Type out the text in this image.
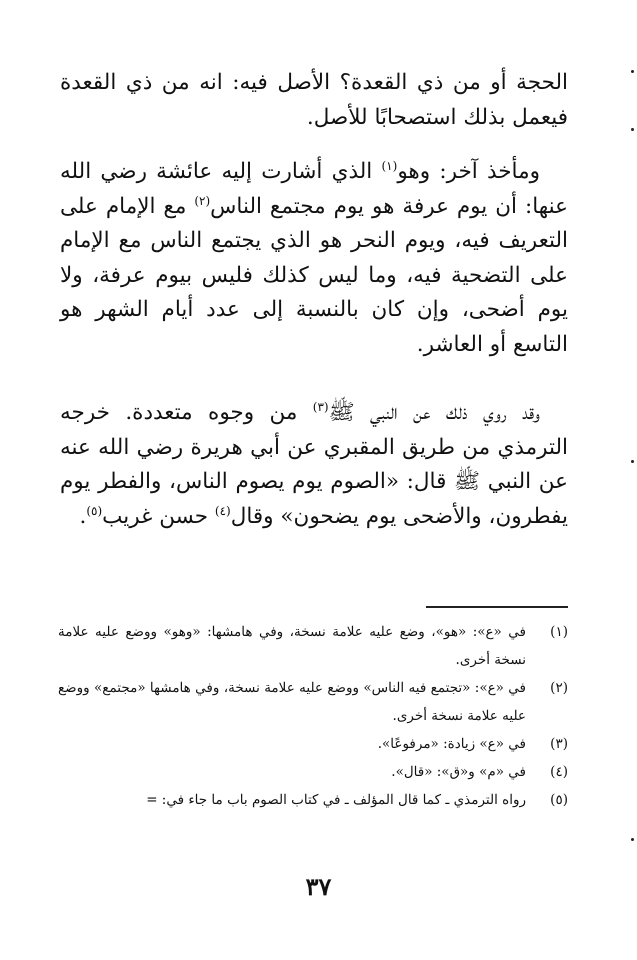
الحجة أو من ذي القعدة؟ الأصل فيه: انه من ذي القعدة فيعمل بذلك استصحابًا للأصل.
ومأخذ آخر: وهو$^{(١)}$ الذي أشارت إليه عائشة رضي الله عنها: أن يوم عرفة هو يوم مجتمع الناس$^{(٢)}$ مع الإمام على التعريف فيه، ويوم النحر هو الذي يجتمع الناس مع الإمام على التضحية فيه، وما ليس كذلك فليس بيوم عرفة، ولا يوم أضحى، وإن كان بالنسبة إلى عدد أيام الشهر هو التاسع أو العاشر.
وقد روي ذلك عن النبي ﷺ$^{(٣)}$ من وجوه متعددة. خرجه الترمذي من طريق المقبري عن أبي هريرة رضي الله عنه عن النبي ﷺ قال: «الصوم يوم يصوم الناس، والفطر يوم يفطرون، والأضحى يوم يضحون» وقال$^{(٤)}$ حسن غريب$^{(٥)}$.
(١)
في «ع»: «هو»، وضع عليه علامة نسخة، وفي هامشها: «وهو» ووضع عليه علامة نسخة أخرى.
(٢)
في «ع»: «تجتمع فيه الناس» ووضع عليه علامة نسخة، وفي هامشها «مجتمع» ووضع عليه علامة نسخة أخرى.
(٣)
في «ع» زيادة: «مرفوعًا».
(٤)
في «م» و«ق»: «قال».
(٥)
رواه الترمذي ـ كما قال المؤلف ـ في كتاب الصوم باب ما جاء في: =
٣٧
